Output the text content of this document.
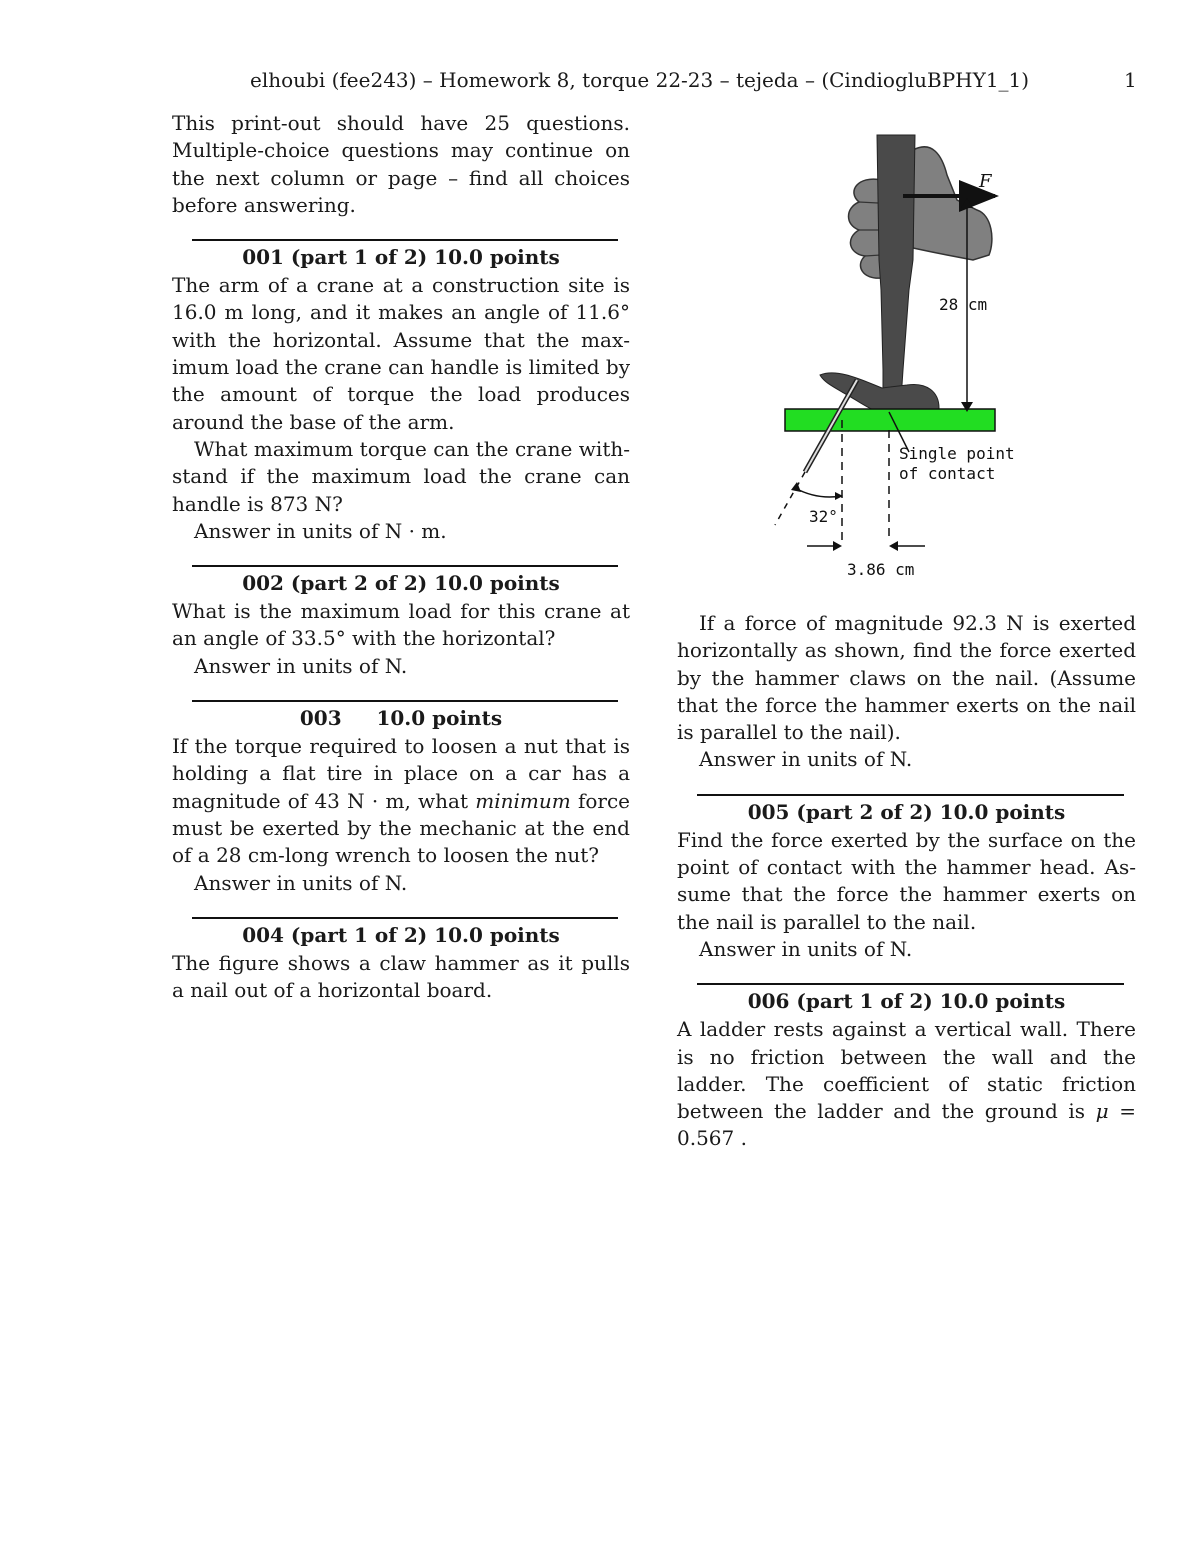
elhoubi (fee243) – Homework 8, torque 22-23 – tejeda – (CindiogluBPHY1_1)	1

This print-out should have 25 questions. Multiple-choice questions may continue on the next column or page – find all choices before answering.

001 (part 1 of 2) 10.0 points

The arm of a crane at a construction site is 16.0 m long, and it makes an angle of 11.6° with the horizontal. Assume that the maximum load the crane can handle is limited by the amount of torque the load produces around the base of the arm.

What maximum torque can the crane withstand if the maximum load the crane can handle is 873 N?

Answer in units of N · m.

002 (part 2 of 2) 10.0 points

What is the maximum load for this crane at an angle of 33.5° with the horizontal?

Answer in units of N.

003     10.0 points

If the torque required to loosen a nut that is holding a flat tire in place on a car has a magnitude of 43 N · m, what minimum force must be exerted by the mechanic at the end of a 28 cm-long wrench to loosen the nut?

Answer in units of N.

004 (part 1 of 2) 10.0 points

The figure shows a claw hammer as it pulls a nail out of a horizontal board.

F
28 cm
Single point
of contact
32°
3.86 cm

If a force of magnitude 92.3 N is exerted horizontally as shown, find the force exerted by the hammer claws on the nail. (Assume that the force the hammer exerts on the nail is parallel to the nail).

Answer in units of N.

005 (part 2 of 2) 10.0 points

Find the force exerted by the surface on the point of contact with the hammer head. Assume that the force the hammer exerts on the nail is parallel to the nail.

Answer in units of N.

006 (part 1 of 2) 10.0 points

A ladder rests against a vertical wall. There is no friction between the wall and the ladder. The coefficient of static friction between the ladder and the ground is μ = 0.567 .
